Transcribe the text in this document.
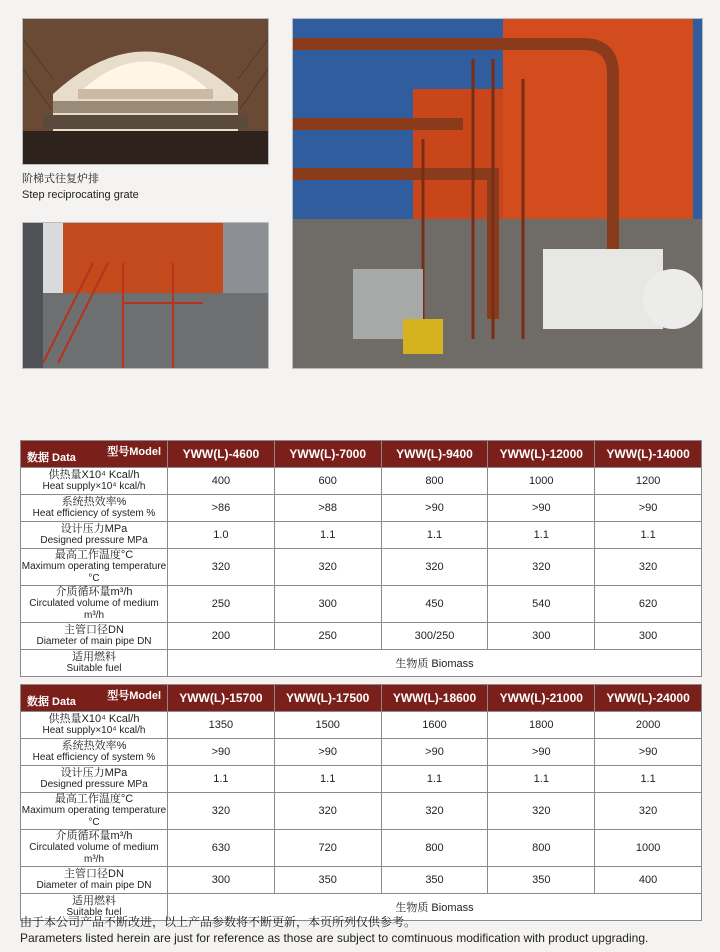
阶梯式往复炉排
Step reciprocating grate
型号Model
数据 Data	YWW(L)-4600	YWW(L)-7000	YWW(L)-9400	YWW(L)-12000	YWW(L)-14000

供热量X10⁴ Kcal/h
Heat supply×10⁴ kcal/h	400	600	800	1000	1200

系统热效率%
Heat efficiency of system %	>86	>88	>90	>90	>90

设计压力MPa
Designed pressure MPa	1.0	1.1	1.1	1.1	1.1

最高工作温度°C
Maximum operating temperature °C	320	320	320	320	320

介质循环量m³/h
Circulated volume of medium m³/h	250	300	450	540	620

主管口径DN
Diameter of main pipe DN	200	250	300/250	300	300

适用燃料
Suitable fuel	生物质 Biomass				
型号Model
数据 Data	YWW(L)-15700	YWW(L)-17500	YWW(L)-18600	YWW(L)-21000	YWW(L)-24000

供热量X10⁴ Kcal/h
Heat supply×10⁴ kcal/h	1350	1500	1600	1800	2000

系统热效率%
Heat efficiency of system %	>90	>90	>90	>90	>90

设计压力MPa
Designed pressure MPa	1.1	1.1	1.1	1.1	1.1

最高工作温度°C
Maximum operating temperature °C	320	320	320	320	320

介质循环量m³/h
Circulated volume of medium m³/h	630	720	800	800	1000

主管口径DN
Diameter of main pipe DN	300	350	350	350	400

适用燃料
Suitable fuel	生物质 Biomass				
由于本公司产品不断改进，以上产品参数将不断更新，本页所列仅供参考。
Parameters listed herein are just for reference as those are subject to comtinuous modification with product upgrading.
